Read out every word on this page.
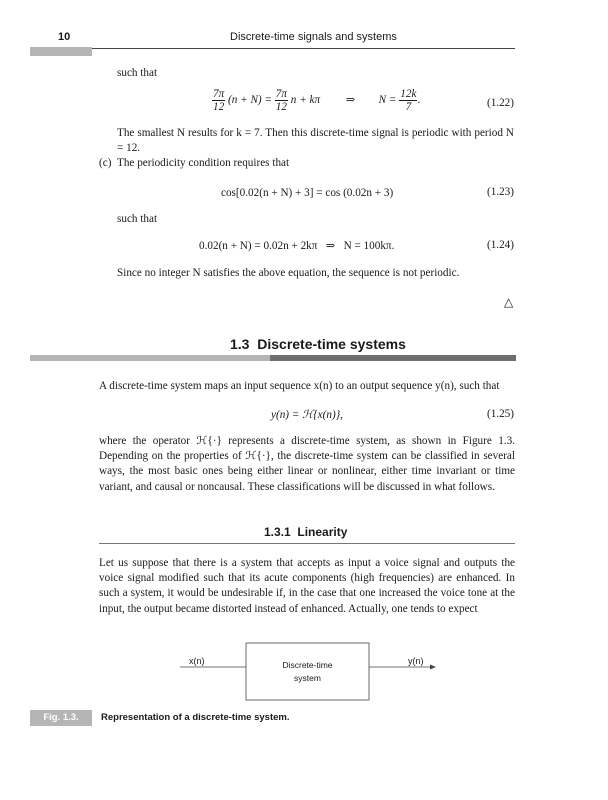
10	Discrete-time signals and systems
such that
$\frac{7\pi}{12} (n + N) = \frac{7\pi}{12}$ n + kπ ⇒ $N = \frac{12k}{7}$ .	(1.22)
The smallest N results for k = 7. Then this discrete-time signal is periodic with period N = 12.
(c) The periodicity condition requires that
cos[0.02(n + N) + 3] = cos (0.02n + 3)	(1.23)
such that
0.02(n + N) = 0.02n + 2kπ   ⇒   N = 100kπ.	(1.24)
Since no integer N satisfies the above equation, the sequence is not periodic.
△
1.3  Discrete-time systems
A discrete-time system maps an input sequence x(n) to an output sequence y(n), such that
y(n) = ℋ{x(n)},	(1.25)
where the operator ℋ{·} represents a discrete-time system, as shown in Figure 1.3. Depending on the properties of ℋ{·}, the discrete-time system can be classified in several ways, the most basic ones being either linear or nonlinear, either time invariant or time variant, and causal or noncausal. These classifications will be discussed in what follows.
1.3.1  Linearity
Let us suppose that there is a system that accepts as input a voice signal and outputs the voice signal modified such that its acute components (high frequencies) are enhanced. In such a system, it would be undesirable if, in the case that one increased the voice tone at the input, the output became distorted instead of enhanced. Actually, one tends to expect
x(n)	y(n)
Discrete-time
system
Fig. 1.3.	Representation of a discrete-time system.
